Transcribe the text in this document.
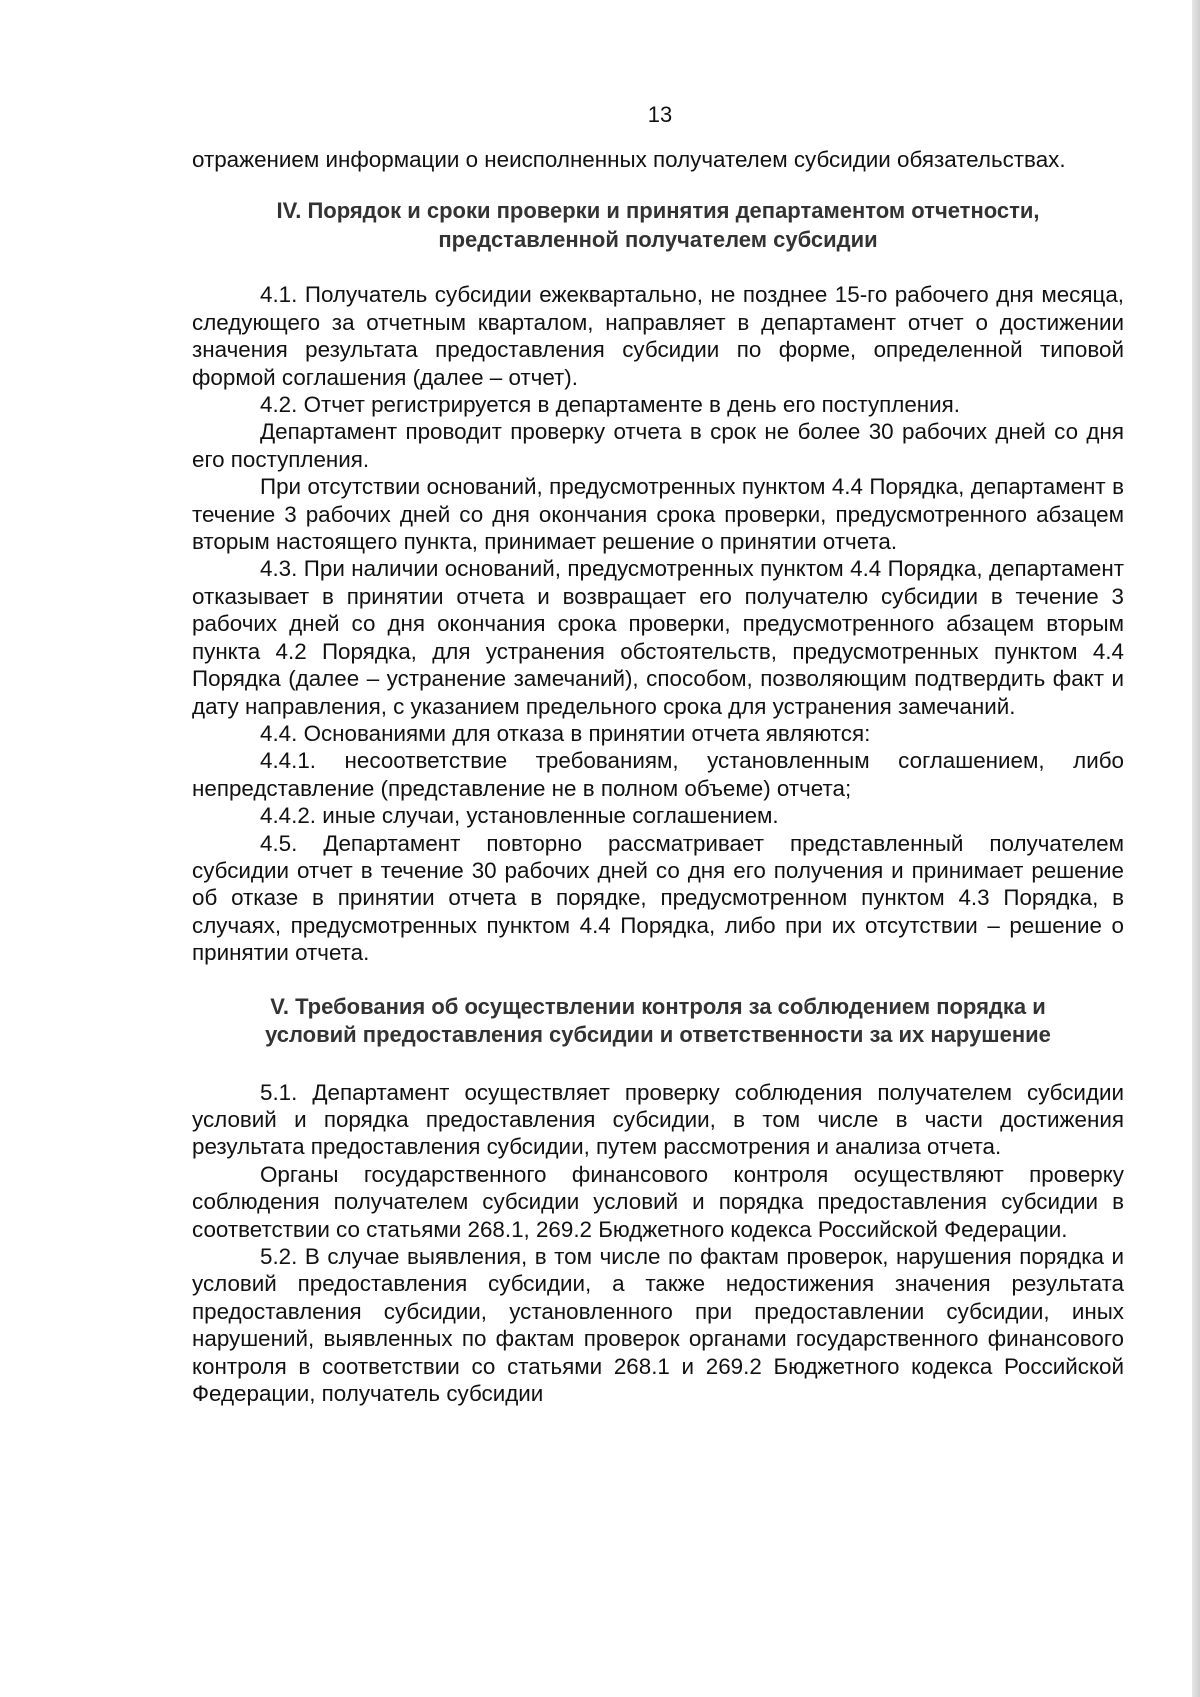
13

отражением информации о неисполненных получателем субсидии обязательствах.

IV. Порядок и сроки проверки и принятия департаментом отчетности,
представленной получателем субсидии

4.1. Получатель субсидии ежеквартально, не позднее 15-го рабочего дня месяца, следующего за отчетным кварталом, направляет в департамент отчет о достижении значения результата предоставления субсидии по форме, определенной типовой формой соглашения (далее – отчет).

4.2. Отчет регистрируется в департаменте в день его поступления.

Департамент проводит проверку отчета в срок не более 30 рабочих дней со дня его поступления.

При отсутствии оснований, предусмотренных пунктом 4.4 Порядка, департамент в течение 3 рабочих дней со дня окончания срока проверки, предусмотренного абзацем вторым настоящего пункта, принимает решение о принятии отчета.

4.3. При наличии оснований, предусмотренных пунктом 4.4 Порядка, департамент отказывает в принятии отчета и возвращает его получателю субсидии в течение 3 рабочих дней со дня окончания срока проверки, предусмотренного абзацем вторым пункта 4.2 Порядка, для устранения обстоятельств, предусмотренных пунктом 4.4 Порядка (далее – устранение замечаний), способом, позволяющим подтвердить факт и дату направления, с указанием предельного срока для устранения замечаний.

4.4. Основаниями для отказа в принятии отчета являются:

4.4.1. несоответствие требованиям, установленным соглашением, либо непредставление (представление не в полном объеме) отчета;

4.4.2. иные случаи, установленные соглашением.

4.5. Департамент повторно рассматривает представленный получателем субсидии отчет в течение 30 рабочих дней со дня его получения и принимает решение об отказе в принятии отчета в порядке, предусмотренном пунктом 4.3 Порядка, в случаях, предусмотренных пунктом 4.4 Порядка, либо при их отсутствии – решение о принятии отчета.

V. Требования об осуществлении контроля за соблюдением порядка и
условий предоставления субсидии и ответственности за их нарушение

5.1. Департамент осуществляет проверку соблюдения получателем субсидии условий и порядка предоставления субсидии, в том числе в части достижения результата предоставления субсидии, путем рассмотрения и анализа отчета.

Органы государственного финансового контроля осуществляют проверку соблюдения получателем субсидии условий и порядка предоставления субсидии в соответствии со статьями 268.1, 269.2 Бюджетного кодекса Российской Федерации.

5.2. В случае выявления, в том числе по фактам проверок, нарушения порядка и условий предоставления субсидии, а также недостижения значения результата предоставления субсидии, установленного при предоставлении субсидии, иных нарушений, выявленных по фактам проверок органами государственного финансового контроля в соответствии со статьями 268.1 и 269.2 Бюджетного кодекса Российской Федерации, получатель субсидии
